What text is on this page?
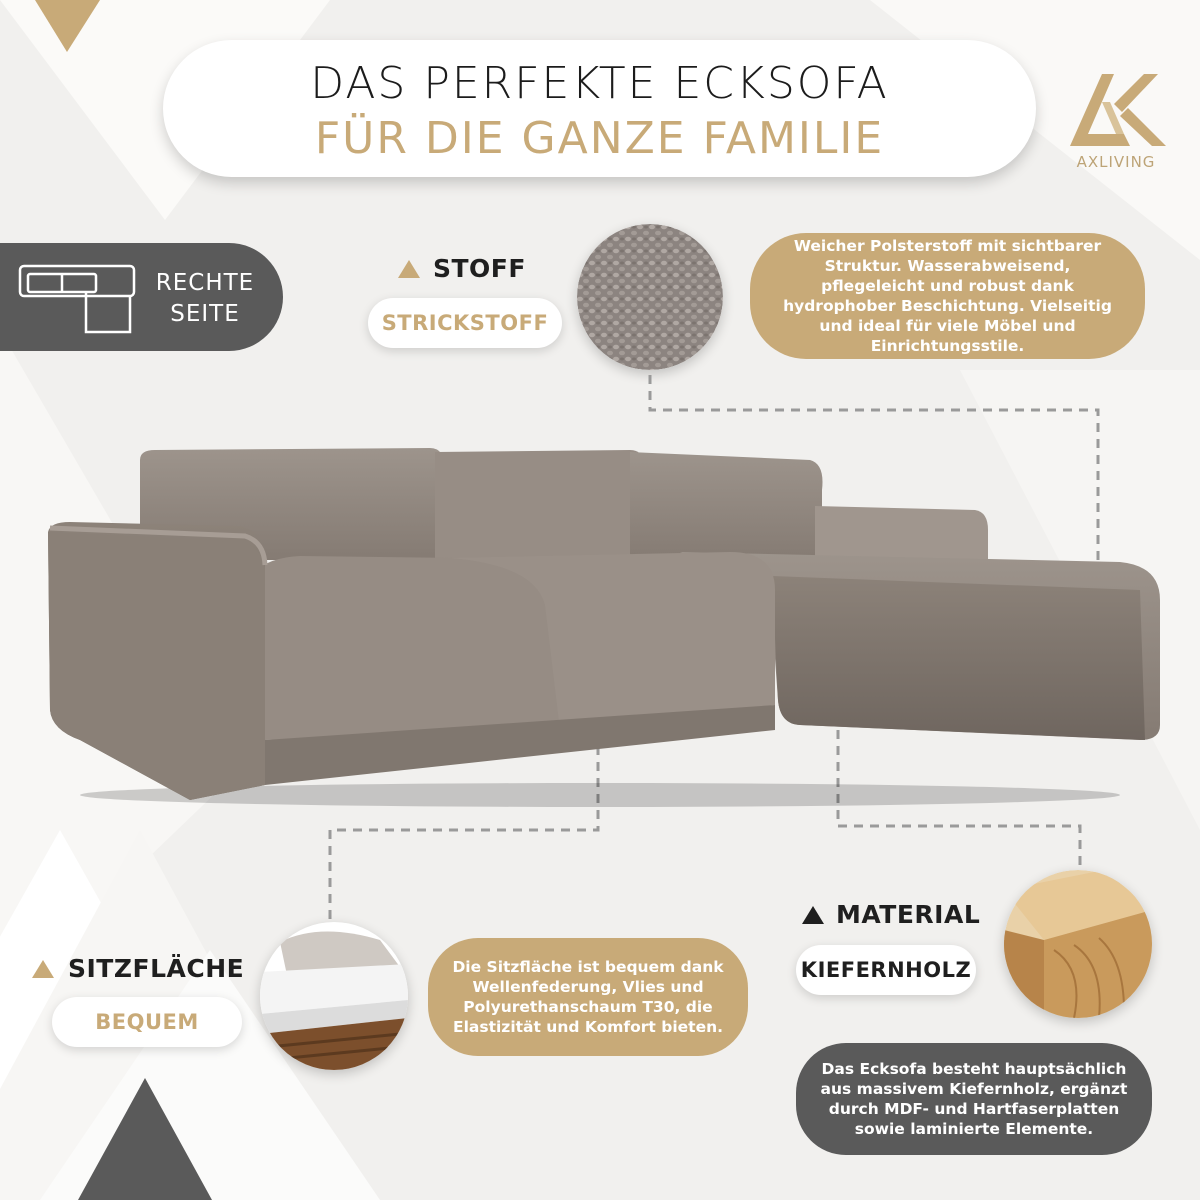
DAS PERFEKTE ECKSOFA
FÜR DIE GANZE FAMILIE	AXLIVING
RECHTE SEITE
STOFF
STRICKSTOFF
Weicher Polsterstoff mit sichtbarer Struktur. Wasserabweisend, pflegeleicht und robust dank hydrophober Beschichtung. Vielseitig und ideal für viele Möbel und Einrichtungsstile.
SITZFLÄCHE
BEQUEM
Die Sitzfläche ist bequem dank Wellenfederung, Vlies und Polyurethanschaum T30, die Elastizität und Komfort bieten.
MATERIAL
KIEFERNHOLZ
Das Ecksofa besteht hauptsächlich aus massivem Kiefernholz, ergänzt durch MDF- und Hartfaserplatten sowie laminierte Elemente.
